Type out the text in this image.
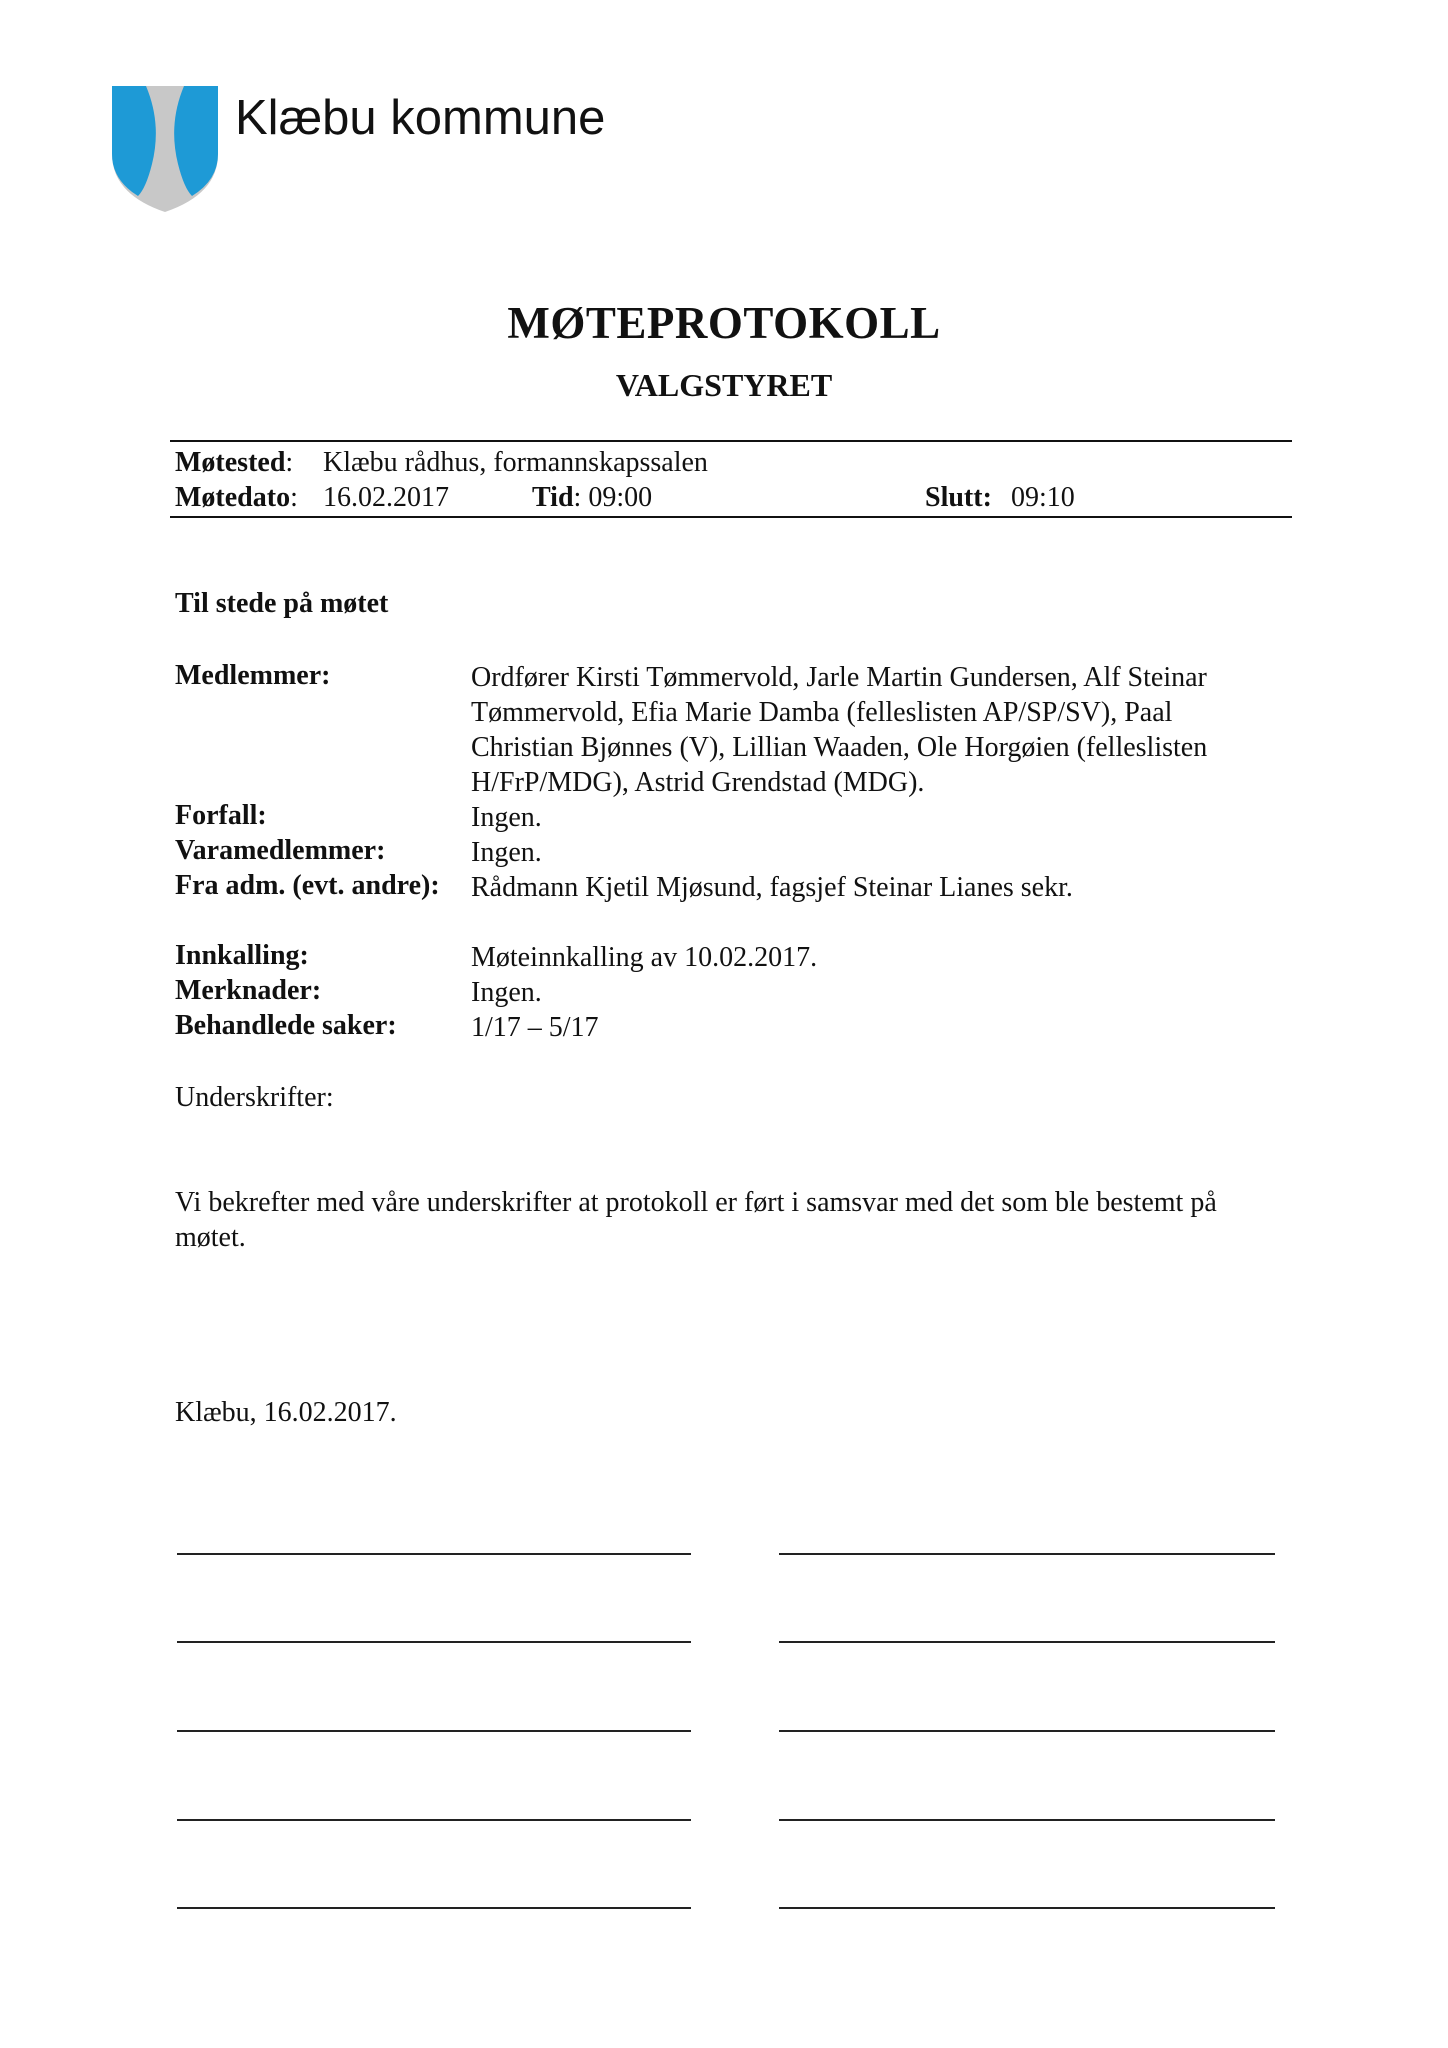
Klæbu kommune
MØTEPROTOKOLL
VALGSTYRET
Møtested: Klæbu rådhus, formannskapssalen
Møtedato: 16.02.2017	Tid: 09:00	Slutt: 09:10
Til stede på møtet
Medlemmer:	Ordfører Kirsti Tømmervold, Jarle Martin Gundersen, Alf Steinar Tømmervold, Efia Marie Damba (felleslisten AP/SP/SV), Paal Christian Bjønnes (V), Lillian Waaden, Ole Horgøien (felleslisten H/FrP/MDG), Astrid Grendstad (MDG).
Forfall:	Ingen.
Varamedlemmer:	Ingen.
Fra adm. (evt. andre): Rådmann Kjetil Mjøsund, fagsjef Steinar Lianes sekr.
Innkalling:	Møteinnkalling av 10.02.2017.
Merknader:	Ingen.
Behandlede saker:	1/17 – 5/17
Underskrifter:
Vi bekrefter med våre underskrifter at protokoll er ført i samsvar med det som ble bestemt på møtet.
Klæbu, 16.02.2017.
